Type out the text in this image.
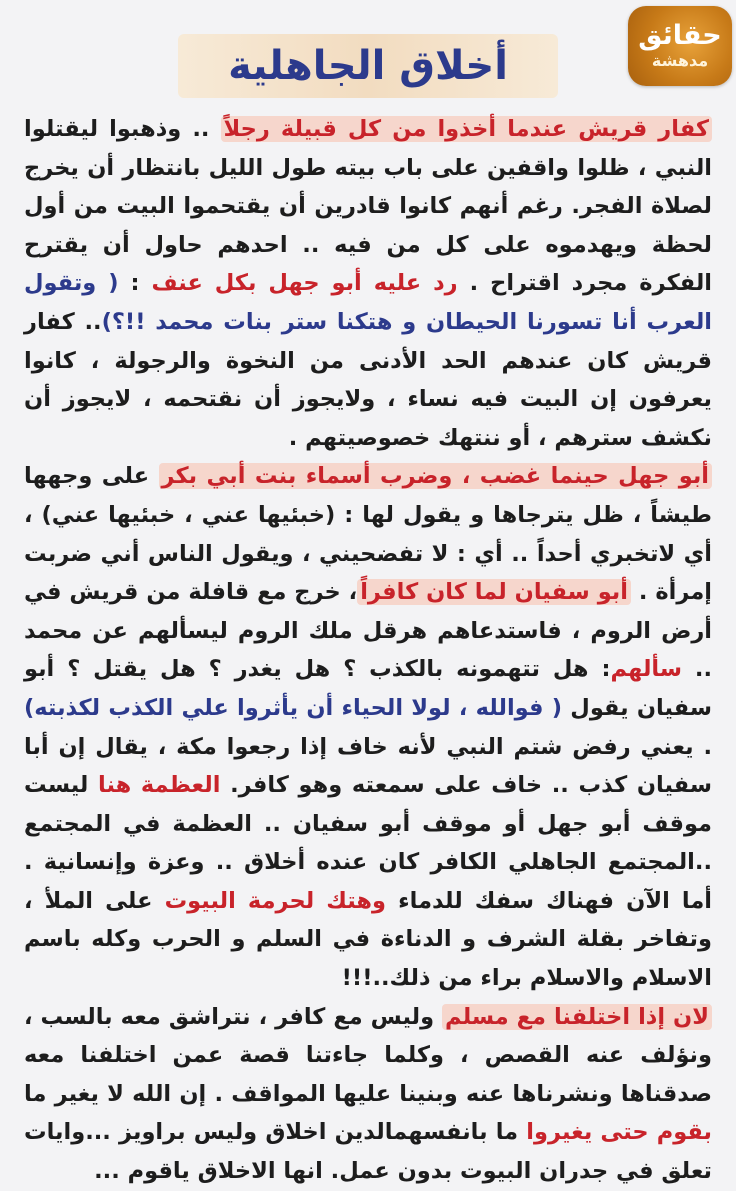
حقائق
مدهشة
أخلاق الجاهلية
كفار قريش عندما أخذوا من كل قبيلة رجلاً .. وذهبوا ليقتلوا النبي ، ظلوا واقفين على باب بيته طول الليل بانتظار أن يخرج لصلاة الفجر. رغم أنهم كانوا قادرين أن يقتحموا البيت من أول لحظة ويهدموه على كل من فيه .. احدهم حاول أن يقترح الفكرة مجرد اقتراح . رد عليه أبو جهل بكل عنف : ( وتقول العرب أنا تسورنا الحيطان و هتكنا ستر بنات محمد !!؟).. كفار قريش كان عندهم الحد الأدنى من النخوة والرجولة ، كانوا يعرفون إن البيت فيه نساء ، ولايجوز أن نقتحمه ، لايجوز أن نكشف سترهم ، أو ننتهك خصوصيتهم .
أبو جهل حينما غضب ، وضرب أسماء بنت أبي بكر على وجهها طيشاً ، ظل يترجاها و يقول لها : (خبئيها عني ، خبئيها عني) ، أي لاتخبري أحداً .. أي : لا تفضحيني ، ويقول الناس أني ضربت إمرأة . أبو سفيان لما كان كافراً، خرج مع قافلة من قريش في أرض الروم ، فاستدعاهم هرقل ملك الروم ليسألهم عن محمد .. سألهم: هل تتهمونه بالكذب ؟ هل يغدر ؟ هل يقتل ؟ أبو سفيان يقول ( فوالله ، لولا الحياء أن يأثروا علي الكذب لكذبته) . يعني رفض شتم النبي لأنه خاف إذا رجعوا مكة ، يقال إن أبا سفيان كذب .. خاف على سمعته وهو كافر. العظمة هنا ليست موقف أبو جهل أو موقف أبو سفيان .. العظمة في المجتمع ..المجتمع الجاهلي الكافر كان عنده أخلاق .. وعزة وإنسانية . أما الآن فهناك سفك للدماء وهتك لحرمة البيوت على الملأ ، وتفاخر بقلة الشرف و الدناءة في السلم و الحرب وكله باسم الاسلام والاسلام براء من ذلك..!!!
لان إذا اختلفنا مع مسلم وليس مع كافر ، نتراشق معه بالسب ، ونؤلف عنه القصص ، وكلما جاءتنا قصة عمن اختلفنا معه صدقناها ونشرناها عنه وبنينا عليها المواقف . إن الله لا يغير ما بقوم حتى يغيروا ما بانفسهمالدين اخلاق وليس براويز ...وايات تعلق في جدران البيوت بدون عمل. انها الاخلاق ياقوم ...
